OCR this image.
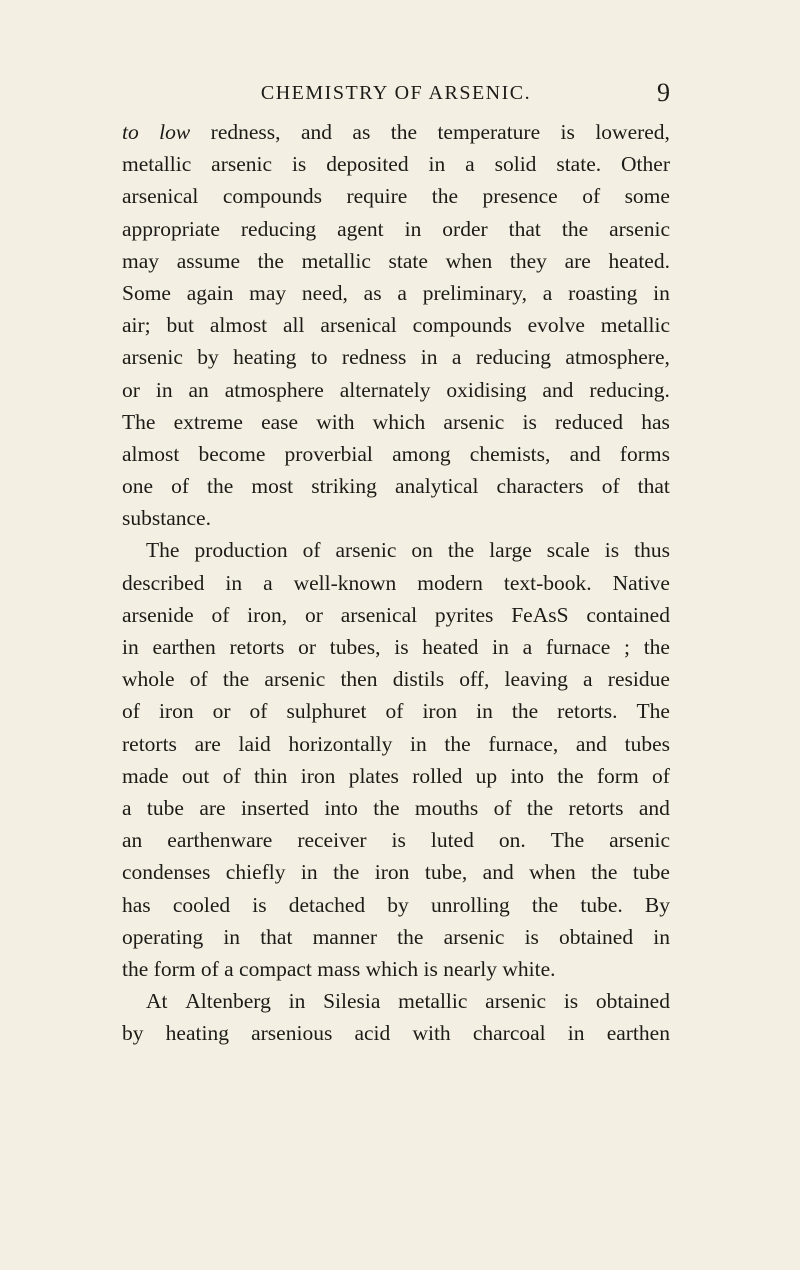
CHEMISTRY OF ARSENIC.	9
to low redness, and as the temperature is lowered,
metallic arsenic is deposited in a solid state. Other
arsenical compounds require the presence of some
appropriate reducing agent in order that the arsenic
may assume the metallic state when they are heated.
Some again may need, as a preliminary, a roasting in
air; but almost all arsenical compounds evolve metallic
arsenic by heating to redness in a reducing atmosphere,
or in an atmosphere alternately oxidising and reducing.
The extreme ease with which arsenic is reduced has
almost become proverbial among chemists, and forms
one of the most striking analytical characters of that
substance.
The production of arsenic on the large scale is thus
described in a well-known modern text-book. Native
arsenide of iron, or arsenical pyrites FeAsS contained
in earthen retorts or tubes, is heated in a furnace ; the
whole of the arsenic then distils off, leaving a residue
of iron or of sulphuret of iron in the retorts. The
retorts are laid horizontally in the furnace, and tubes
made out of thin iron plates rolled up into the form of
a tube are inserted into the mouths of the retorts and
an earthenware receiver is luted on. The arsenic
condenses chiefly in the iron tube, and when the tube
has cooled is detached by unrolling the tube. By
operating in that manner the arsenic is obtained in
the form of a compact mass which is nearly white.
At Altenberg in Silesia metallic arsenic is obtained
by heating arsenious acid with charcoal in earthen
